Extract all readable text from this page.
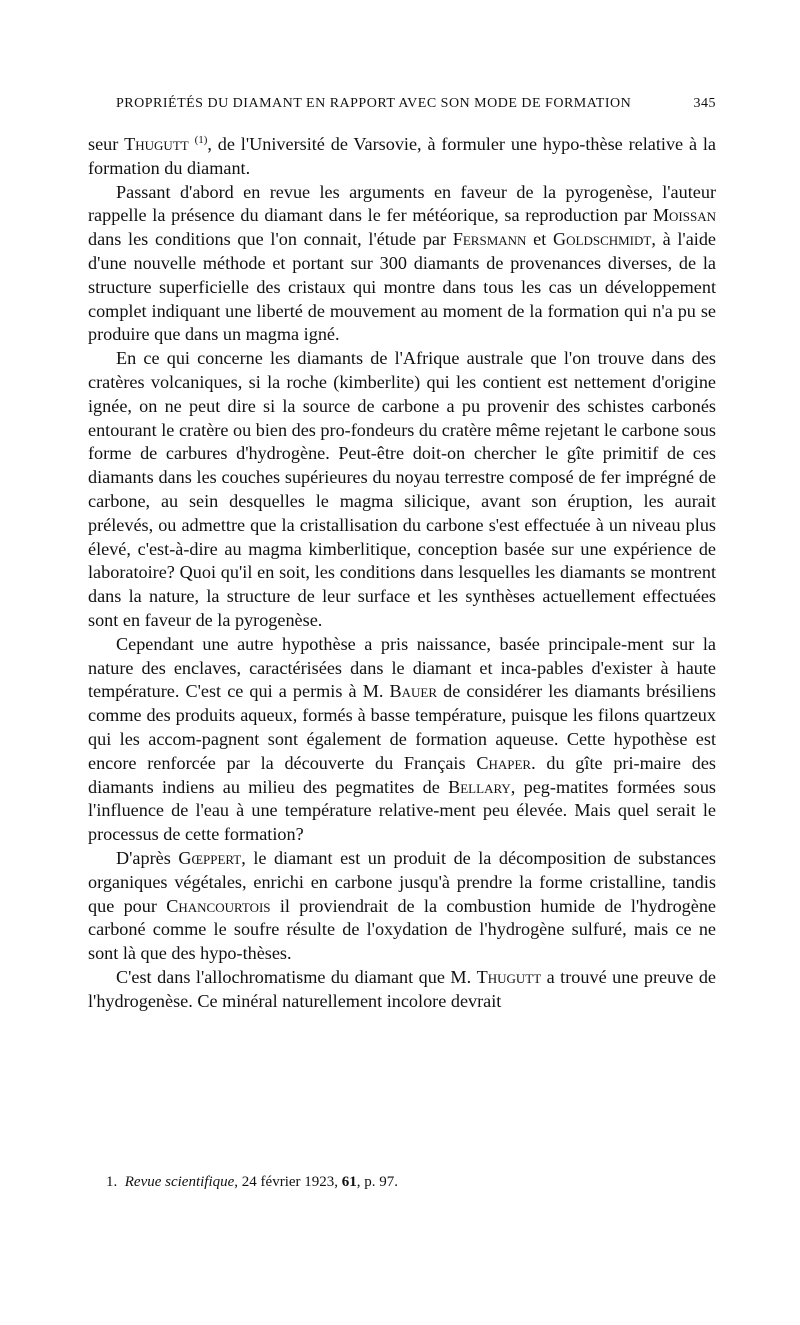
PROPRIÉTÉS DU DIAMANT EN RAPPORT AVEC SON MODE DE FORMATION	345

seur Thugutt $^{(1)}$, de l'Université de Varsovie, à formuler une hypo-thèse relative à la formation du diamant.

Passant d'abord en revue les arguments en faveur de la pyrogenèse, l'auteur rappelle la présence du diamant dans le fer météorique, sa reproduction par Moissan dans les conditions que l'on connait, l'étude par Fersmann et Goldschmidt, à l'aide d'une nouvelle méthode et portant sur 300 diamants de provenances diverses, de la structure superficielle des cristaux qui montre dans tous les cas un développement complet indiquant une liberté de mouvement au moment de la formation qui n'a pu se produire que dans un magma igné.

En ce qui concerne les diamants de l'Afrique australe que l'on trouve dans des cratères volcaniques, si la roche (kimberlite) qui les contient est nettement d'origine ignée, on ne peut dire si la source de carbone a pu provenir des schistes carbonés entourant le cratère ou bien des pro-fondeurs du cratère même rejetant le carbone sous forme de carbures d'hydrogène. Peut-être doit-on chercher le gîte primitif de ces diamants dans les couches supérieures du noyau terrestre composé de fer imprégné de carbone, au sein desquelles le magma silicique, avant son éruption, les aurait prélevés, ou admettre que la cristallisation du carbone s'est effectuée à un niveau plus élevé, c'est-à-dire au magma kimberlitique, conception basée sur une expérience de laboratoire? Quoi qu'il en soit, les conditions dans lesquelles les diamants se montrent dans la nature, la structure de leur surface et les synthèses actuellement effectuées sont en faveur de la pyrogenèse.

Cependant une autre hypothèse a pris naissance, basée principale-ment sur la nature des enclaves, caractérisées dans le diamant et inca-pables d'exister à haute température. C'est ce qui a permis à M. Bauer de considérer les diamants brésiliens comme des produits aqueux, formés à basse température, puisque les filons quartzeux qui les accom-pagnent sont également de formation aqueuse. Cette hypothèse est encore renforcée par la découverte du Français Chaper. du gîte pri-maire des diamants indiens au milieu des pegmatites de Bellary, peg-matites formées sous l'influence de l'eau à une température relative-ment peu élevée. Mais quel serait le processus de cette formation?

D'après Gœppert, le diamant est un produit de la décomposition de substances organiques végétales, enrichi en carbone jusqu'à prendre la forme cristalline, tandis que pour Chancourtois il proviendrait de la combustion humide de l'hydrogène carboné comme le soufre résulte de l'oxydation de l'hydrogène sulfuré, mais ce ne sont là que des hypo-thèses.

C'est dans l'allochromatisme du diamant que M. Thugutt a trouvé une preuve de l'hydrogenèse. Ce minéral naturellement incolore devrait

1. Revue scientifique, 24 février 1923, 61, p. 97.
